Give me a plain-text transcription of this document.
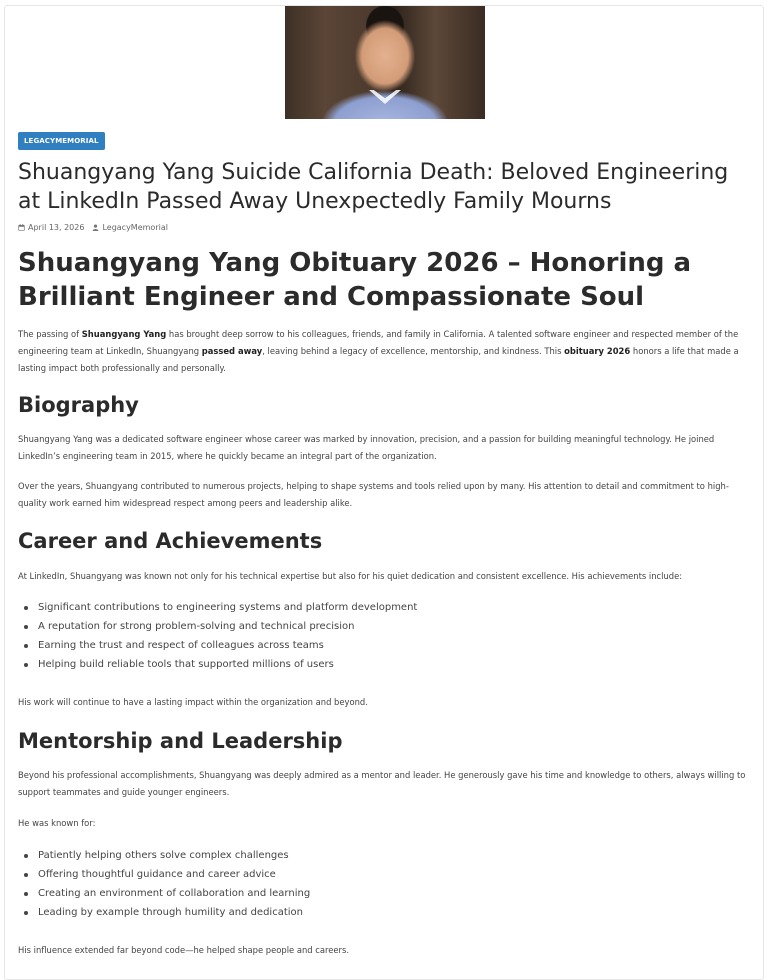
LEGACYMEMORIAL
Shuangyang Yang Suicide California Death: Beloved Engineering at LinkedIn Passed Away Unexpectedly Family Mourns
April 13, 2026 LegacyMemorial
Shuangyang Yang Obituary 2026 – Honoring a Brilliant Engineer and Compassionate Soul

The passing of Shuangyang Yang has brought deep sorrow to his colleagues, friends, and family in California. A talented software engineer and respected member of the engineering team at LinkedIn, Shuangyang passed away, leaving behind a legacy of excellence, mentorship, and kindness. This obituary 2026 honors a life that made a lasting impact both professionally and personally.

Biography

Shuangyang Yang was a dedicated software engineer whose career was marked by innovation, precision, and a passion for building meaningful technology. He joined LinkedIn’s engineering team in 2015, where he quickly became an integral part of the organization.

Over the years, Shuangyang contributed to numerous projects, helping to shape systems and tools relied upon by many. His attention to detail and commitment to high-quality work earned him widespread respect among peers and leadership alike.

Career and Achievements

At LinkedIn, Shuangyang was known not only for his technical expertise but also for his quiet dedication and consistent excellence. His achievements include:

Significant contributions to engineering systems and platform development
A reputation for strong problem-solving and technical precision
Earning the trust and respect of colleagues across teams
Helping build reliable tools that supported millions of users

His work will continue to have a lasting impact within the organization and beyond.

Mentorship and Leadership

Beyond his professional accomplishments, Shuangyang was deeply admired as a mentor and leader. He generously gave his time and knowledge to others, always willing to support teammates and guide younger engineers.

He was known for:

Patiently helping others solve complex challenges
Offering thoughtful guidance and career advice
Creating an environment of collaboration and learning
Leading by example through humility and dedication

His influence extended far beyond code—he helped shape people and careers.
